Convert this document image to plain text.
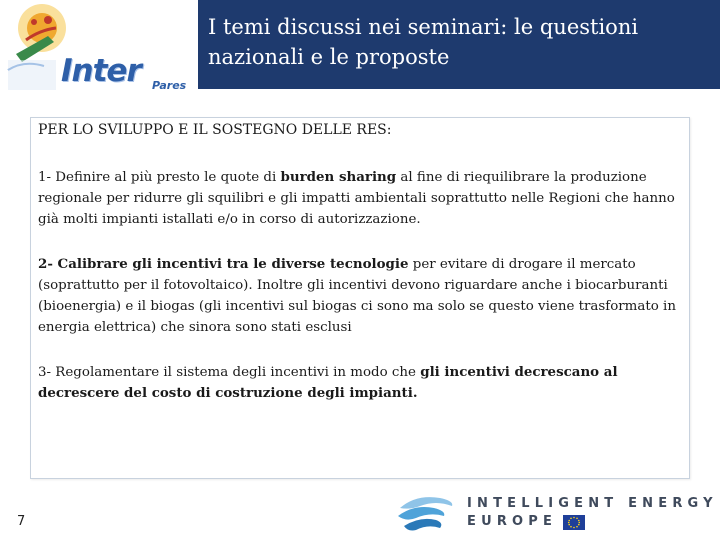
I temi discussi nei seminari: le questioni nazionali e le proposte
Inter Pares
PER LO SVILUPPO E IL SOSTEGNO DELLE RES:
1- Definire al più presto le quote di burden sharing al fine di riequilibrare la produzione regionale per ridurre gli squilibri e gli impatti ambientali soprattutto nelle Regioni che hanno già molti impianti istallati e/o in corso di autorizzazione.
2- Calibrare gli incentivi tra le diverse tecnologie per evitare di drogare il mercato (soprattutto per il fotovoltaico). Inoltre gli incentivi devono riguardare anche i biocarburanti (bioenergia) e il biogas (gli incentivi sul biogas ci sono ma solo se questo viene trasformato in energia elettrica) che sinora sono stati esclusi
3- Regolamentare il sistema degli incentivi in modo che gli incentivi decrescano al decrescere del costo di costruzione degli impianti.
7
INTELLIGENT ENERGY
EUROPE
